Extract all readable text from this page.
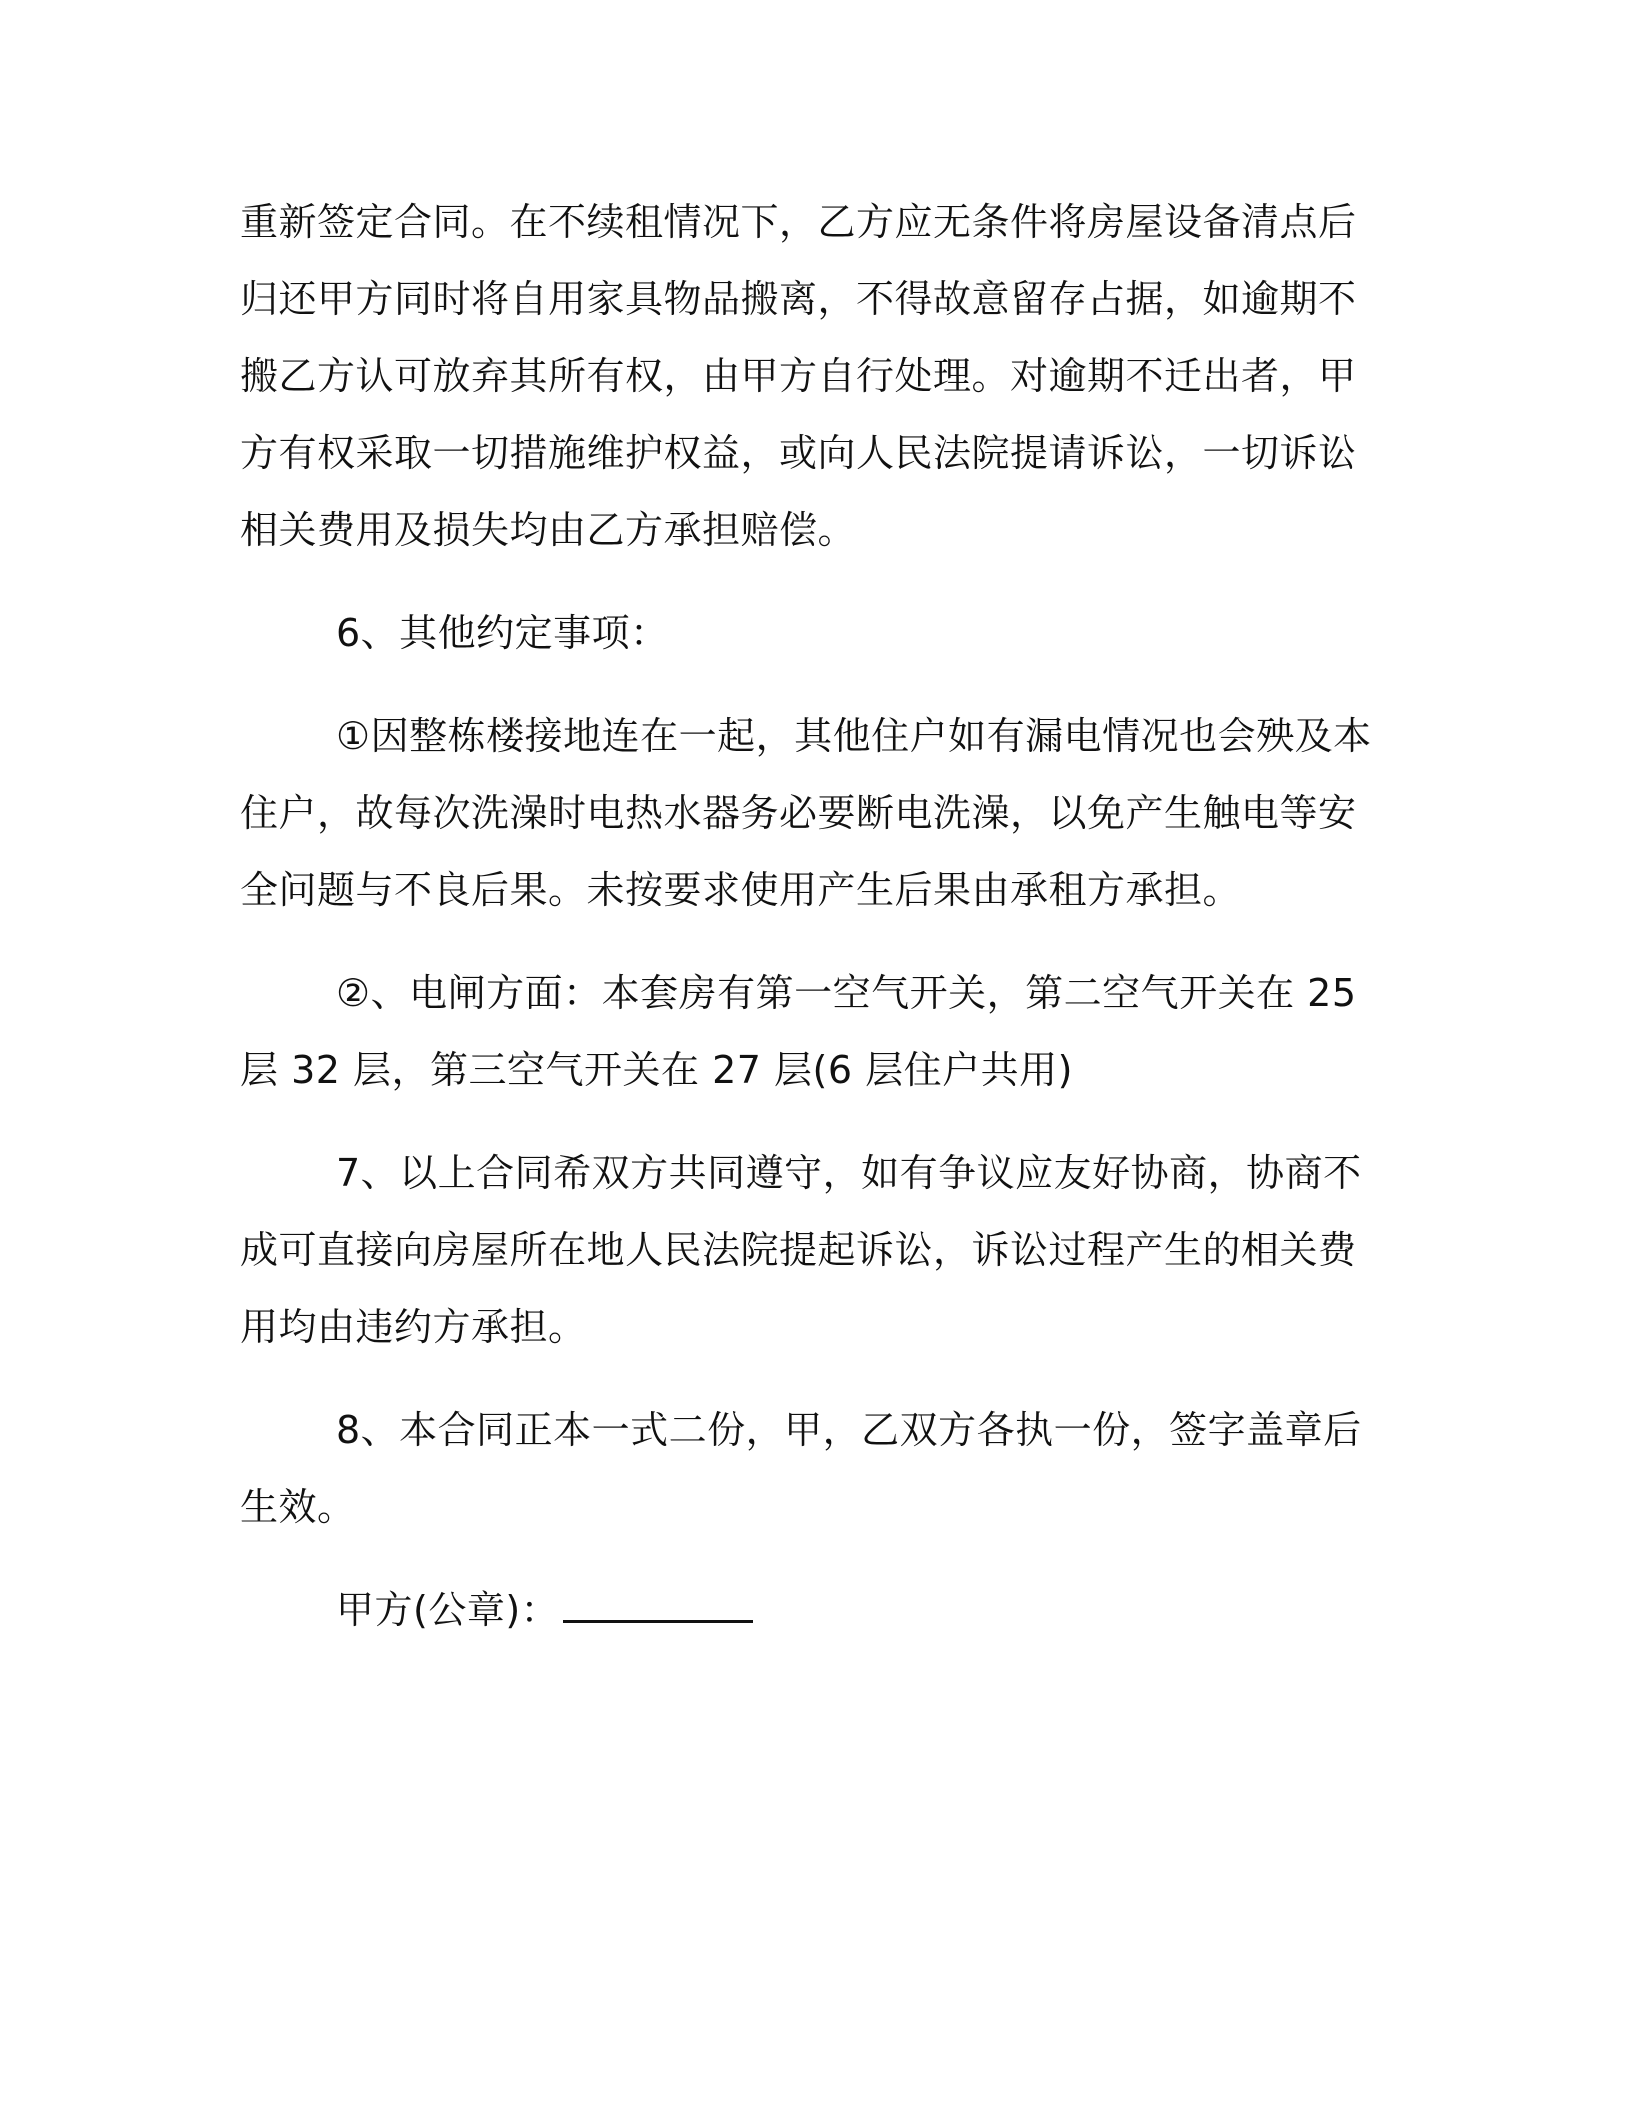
重新签定合同。在不续租情况下，乙方应无条件将房屋设备清点后归还甲方同时将自用家具物品搬离，不得故意留存占据，如逾期不搬乙方认可放弃其所有权，由甲方自行处理。对逾期不迁出者，甲方有权采取一切措施维护权益，或向人民法院提请诉讼，一切诉讼相关费用及损失均由乙方承担赔偿。

6、其他约定事项：

①因整栋楼接地连在一起，其他住户如有漏电情况也会殃及本住户，故每次洗澡时电热水器务必要断电洗澡，以免产生触电等安全问题与不良后果。未按要求使用产生后果由承租方承担。

②、电闸方面：本套房有第一空气开关，第二空气开关在 25 层 32 层，第三空气开关在 27 层(6 层住户共用)

7、以上合同希双方共同遵守，如有争议应友好协商，协商不成可直接向房屋所在地人民法院提起诉讼，诉讼过程产生的相关费用均由违约方承担。

8、本合同正本一式二份，甲，乙双方各执一份，签字盖章后生效。

甲方(公章)：
